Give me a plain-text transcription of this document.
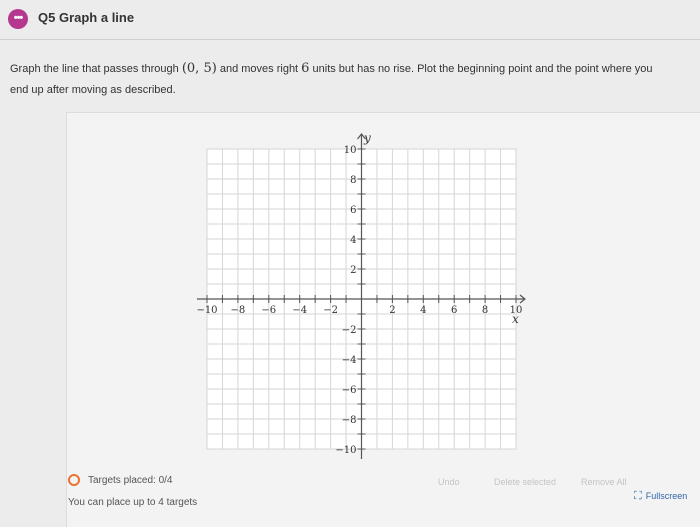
•••	Q5 Graph a line
Graph the line that passes through (0, 5) and moves right 6 units but has no rise. Plot the beginning point and the point where you
end up after moving as described.
−10 −8 −6 −4 −2	2 4 6 8 10
10
8
6
4
2
−2
−4
−6
−8
−10
x
y
Targets placed: 0/4
You can place up to 4 targets
Undo	Delete selected	Remove All
⛶ Fullscreen
